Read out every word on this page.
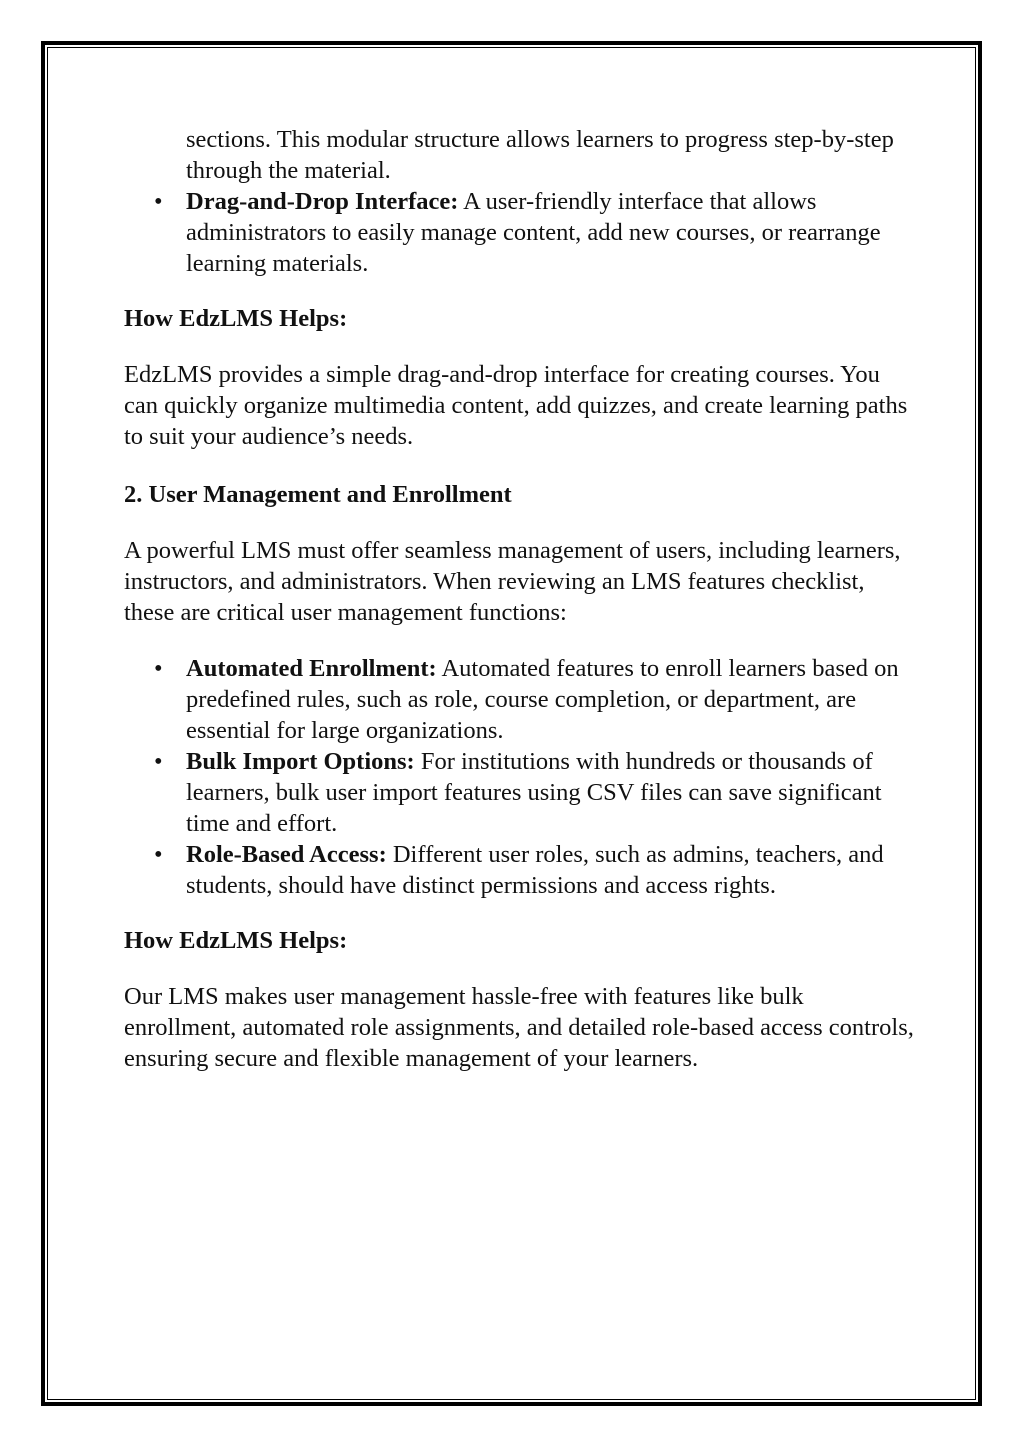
sections. This modular structure allows learners to progress step-by-step through the material.

• Drag-and-Drop Interface: A user-friendly interface that allows administrators to easily manage content, add new courses, or rearrange learning materials.

How EdzLMS Helps:

EdzLMS provides a simple drag-and-drop interface for creating courses. You can quickly organize multimedia content, add quizzes, and create learning paths to suit your audience’s needs.

2. User Management and Enrollment

A powerful LMS must offer seamless management of users, including learners, instructors, and administrators. When reviewing an LMS features checklist, these are critical user management functions:

• Automated Enrollment: Automated features to enroll learners based on predefined rules, such as role, course completion, or department, are essential for large organizations.
• Bulk Import Options: For institutions with hundreds or thousands of learners, bulk user import features using CSV files can save significant time and effort.
• Role-Based Access: Different user roles, such as admins, teachers, and students, should have distinct permissions and access rights.

How EdzLMS Helps:

Our LMS makes user management hassle-free with features like bulk enrollment, automated role assignments, and detailed role-based access controls, ensuring secure and flexible management of your learners.
